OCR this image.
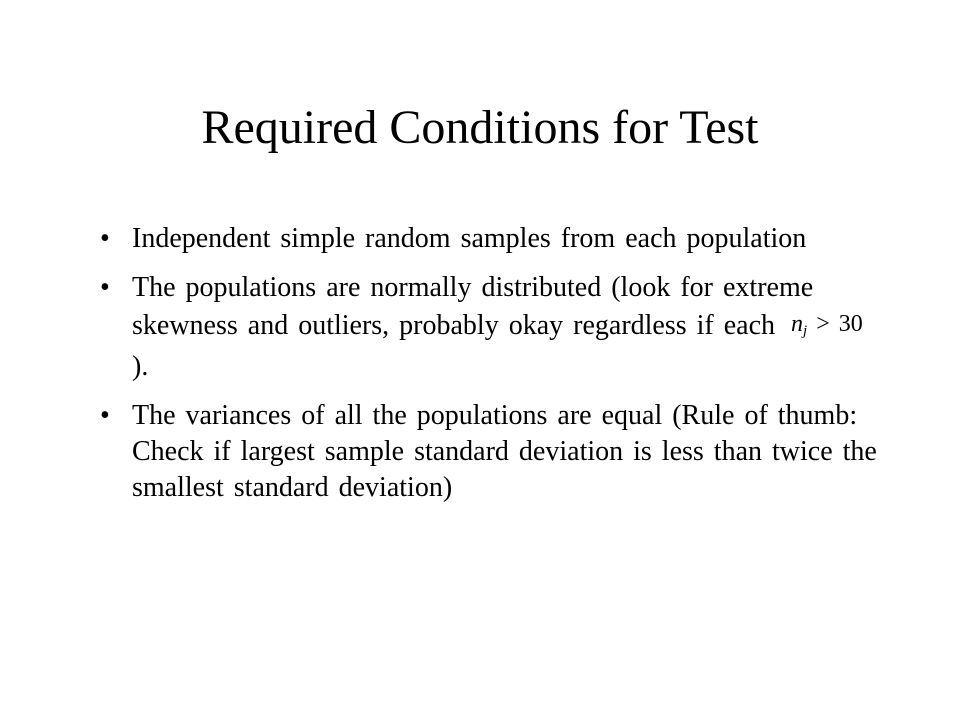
Required Conditions for Test
• Independent simple random samples from each population
• The populations are normally distributed (look for extreme skewness and outliers, probably okay regardless if each $n_j > 30$).
• The variances of all the populations are equal (Rule of thumb: Check if largest sample standard deviation is less than twice the smallest standard deviation)
